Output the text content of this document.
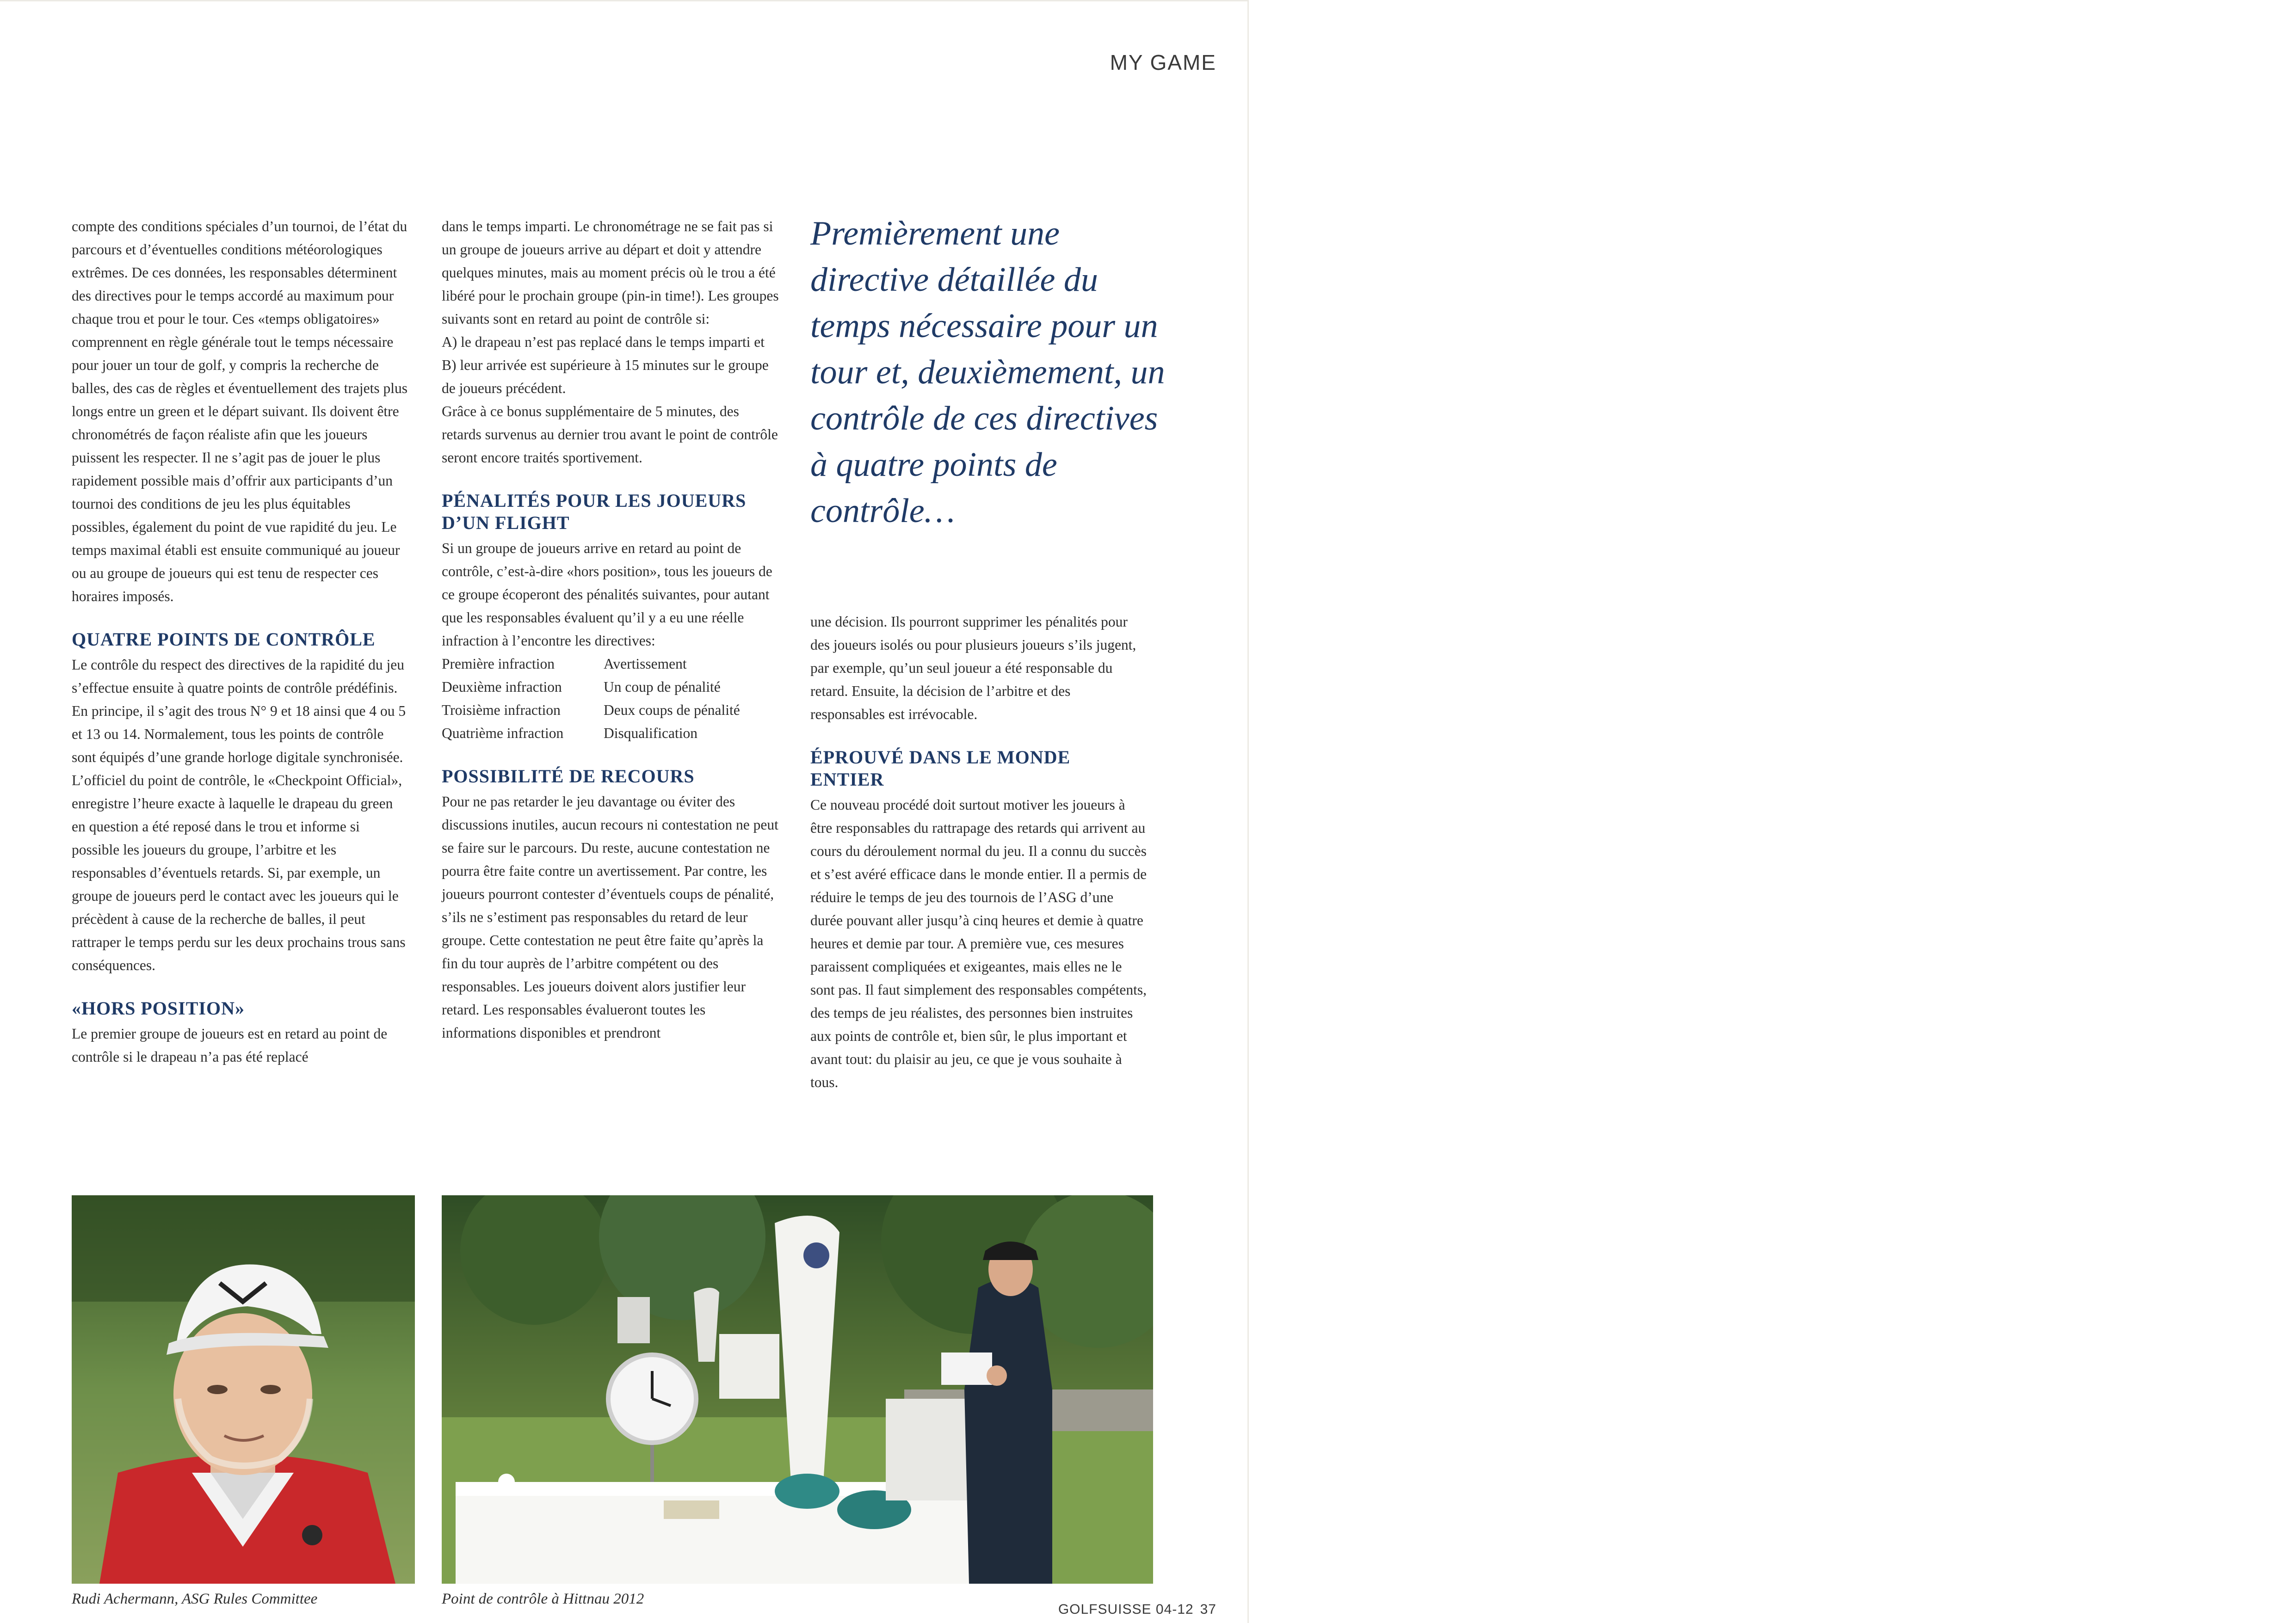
MY GAME

compte des conditions spéciales d’un tournoi, de l’état du parcours et d’éventuelles conditions météorologiques extrêmes. De ces données, les responsables déterminent des directives pour le temps accordé au maximum pour chaque trou et pour le tour. Ces «temps obligatoires» comprennent en règle générale tout le temps nécessaire pour jouer un tour de golf, y compris la recherche de balles, des cas de règles et éventuellement des trajets plus longs entre un green et le départ suivant. Ils doivent être chronométrés de façon réaliste afin que les joueurs puissent les respecter. Il ne s’agit pas de jouer le plus rapidement possible mais d’offrir aux participants d’un tournoi des conditions de jeu les plus équitables possibles, également du point de vue rapidité du jeu. Le temps maximal établi est ensuite communiqué au joueur ou au groupe de joueurs qui est tenu de respecter ces horaires imposés.

QUATRE POINTS DE CONTRÔLE

Le contrôle du respect des directives de la rapidité du jeu s’effectue ensuite à quatre points de contrôle prédéfinis. En principe, il s’agit des trous N° 9 et 18 ainsi que 4 ou 5 et 13 ou 14. Normalement, tous les points de contrôle sont équipés d’une grande horloge digitale synchronisée. L’officiel du point de contrôle, le «Checkpoint Official», enregistre l’heure exacte à laquelle le drapeau du green en question a été reposé dans le trou et informe si possible les joueurs du groupe, l’arbitre et les responsables d’éventuels retards. Si, par exemple, un groupe de joueurs perd le contact avec les joueurs qui le précèdent à cause de la recherche de balles, il peut rattraper le temps perdu sur les deux prochains trous sans conséquences.

«HORS POSITION»

Le premier groupe de joueurs est en retard au point de contrôle si le drapeau n’a pas été replacé

dans le temps imparti. Le chronométrage ne se fait pas si un groupe de joueurs arrive au départ et doit y attendre quelques minutes, mais au moment précis où le trou a été libéré pour le prochain groupe (pin-in time!). Les groupes suivants sont en retard au point de contrôle si:

A) le drapeau n’est pas replacé dans le temps imparti et

B) leur arrivée est supérieure à 15 minutes sur le groupe de joueurs précédent.

Grâce à ce bonus supplémentaire de 5 minutes, des retards survenus au dernier trou avant le point de contrôle seront encore traités sportivement.

PÉNALITÉS POUR LES JOUEURS D’UN FLIGHT

Si un groupe de joueurs arrive en retard au point de contrôle, c’est-à-dire «hors position», tous les joueurs de ce groupe écoperont des pénalités suivantes, pour autant que les responsables évaluent qu’il y a eu une réelle infraction à l’encontre les directives:

Première infraction	Avertissement
Deuxième infraction	Un coup de pénalité
Troisième infraction	Deux coups de pénalité
Quatrième infraction	Disqualification
POSSIBILITÉ DE RECOURS

Pour ne pas retarder le jeu davantage ou éviter des discussions inutiles, aucun recours ni contestation ne peut se faire sur le parcours. Du reste, aucune contestation ne pourra être faite contre un avertissement. Par contre, les joueurs pourront contester d’éventuels coups de pénalité, s’ils ne s’estiment pas responsables du retard de leur groupe. Cette contestation ne peut être faite qu’après la fin du tour auprès de l’arbitre compétent ou des responsables. Les joueurs doivent alors justifier leur retard. Les responsables évalueront toutes les informations disponibles et prendront

Premièrement une directive détaillée du temps nécessaire pour un tour et, deuxièmement, un contrôle de ces directives à quatre points de contrôle…

une décision. Ils pourront supprimer les pénalités pour des joueurs isolés ou pour plusieurs joueurs s’ils jugent, par exemple, qu’un seul joueur a été responsable du retard. Ensuite, la décision de l’arbitre et des responsables est irrévocable.

ÉPROUVÉ DANS LE MONDE ENTIER

Ce nouveau procédé doit surtout motiver les joueurs à être responsables du rattrapage des retards qui arrivent au cours du déroulement normal du jeu. Il a connu du succès et s’est avéré efficace dans le monde entier. Il a permis de réduire le temps de jeu des tournois de l’ASG d’une durée pouvant aller jusqu’à cinq heures et demie à quatre heures et demie par tour. A première vue, ces mesures paraissent compliquées et exigeantes, mais elles ne le sont pas. Il faut simplement des responsables compétents, des temps de jeu réalistes, des personnes bien instruites aux points de contrôle et, bien sûr, le plus important et avant tout: du plaisir au jeu, ce que je vous souhaite à tous.

Rudi Achermann, ASG Rules Committee	Point de contrôle à Hittnau 2012
GOLFSUISSE 04-12 37
